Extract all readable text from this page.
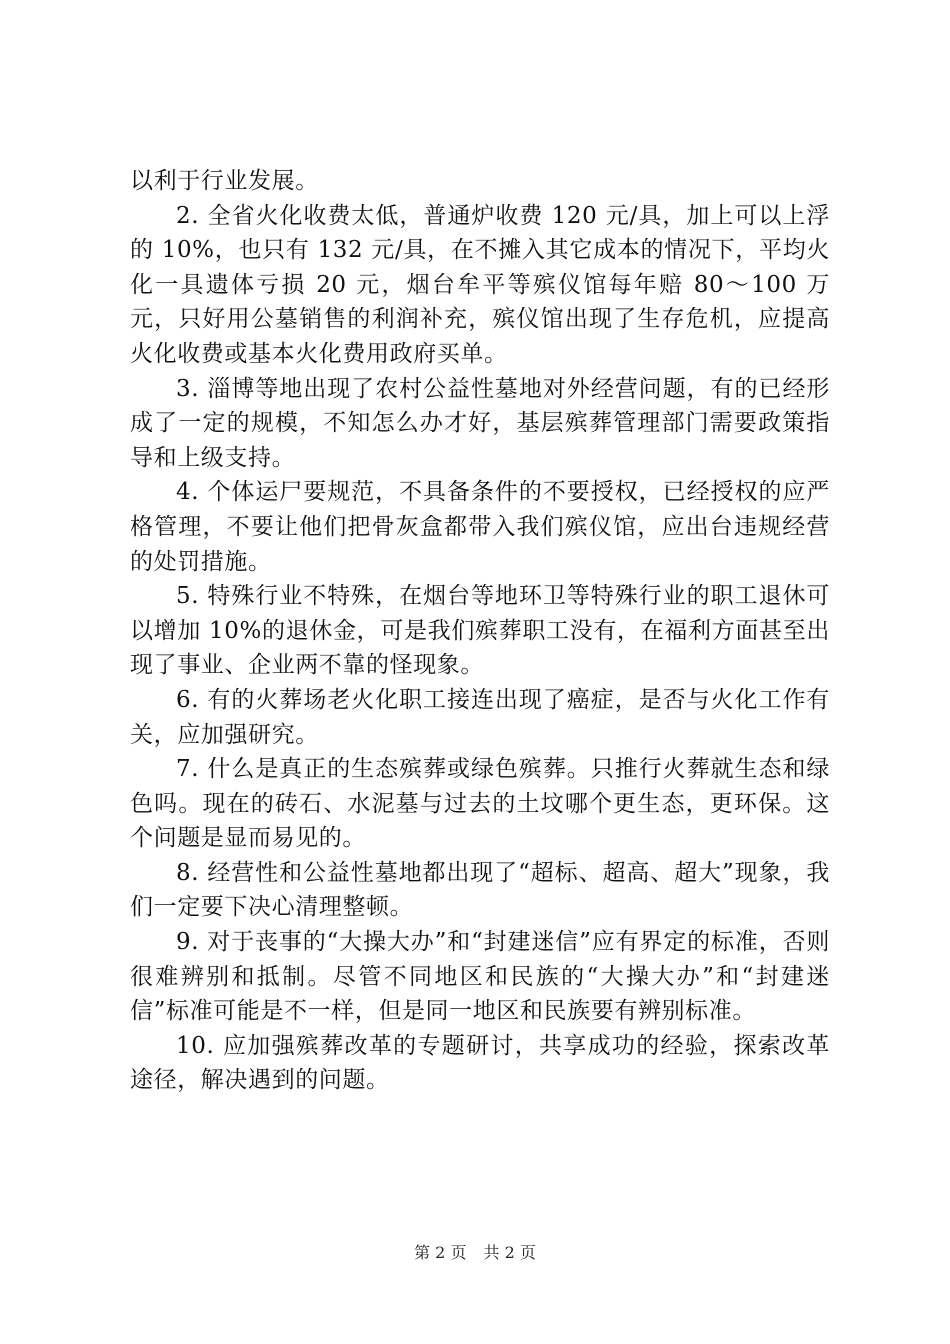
以利于行业发展。

2. 全省火化收费太低，普通炉收费 120 元/具，加上可以上浮的 10%，也只有 132 元/具，在不摊入其它成本的情况下，平均火化一具遗体亏损 20 元，烟台牟平等殡仪馆每年赔 80～100 万元，只好用公墓销售的利润补充，殡仪馆出现了生存危机，应提高火化收费或基本火化费用政府买单。

3. 淄博等地出现了农村公益性墓地对外经营问题，有的已经形成了一定的规模，不知怎么办才好，基层殡葬管理部门需要政策指导和上级支持。

4. 个体运尸要规范，不具备条件的不要授权，已经授权的应严格管理，不要让他们把骨灰盒都带入我们殡仪馆，应出台违规经营的处罚措施。

5. 特殊行业不特殊，在烟台等地环卫等特殊行业的职工退休可以增加 10%的退休金，可是我们殡葬职工没有，在福利方面甚至出现了事业、企业两不靠的怪现象。

6. 有的火葬场老火化职工接连出现了癌症，是否与火化工作有关，应加强研究。

7. 什么是真正的生态殡葬或绿色殡葬。只推行火葬就生态和绿色吗。现在的砖石、水泥墓与过去的土坟哪个更生态，更环保。这个问题是显而易见的。

8. 经营性和公益性墓地都出现了“超标、超高、超大”现象，我们一定要下决心清理整顿。

9. 对于丧事的“大操大办”和“封建迷信”应有界定的标准，否则很难辨别和抵制。尽管不同地区和民族的“大操大办”和“封建迷信”标准可能是不一样，但是同一地区和民族要有辨别标准。

10. 应加强殡葬改革的专题研讨，共享成功的经验，探索改革途径，解决遇到的问题。

第 2 页 共 2 页
